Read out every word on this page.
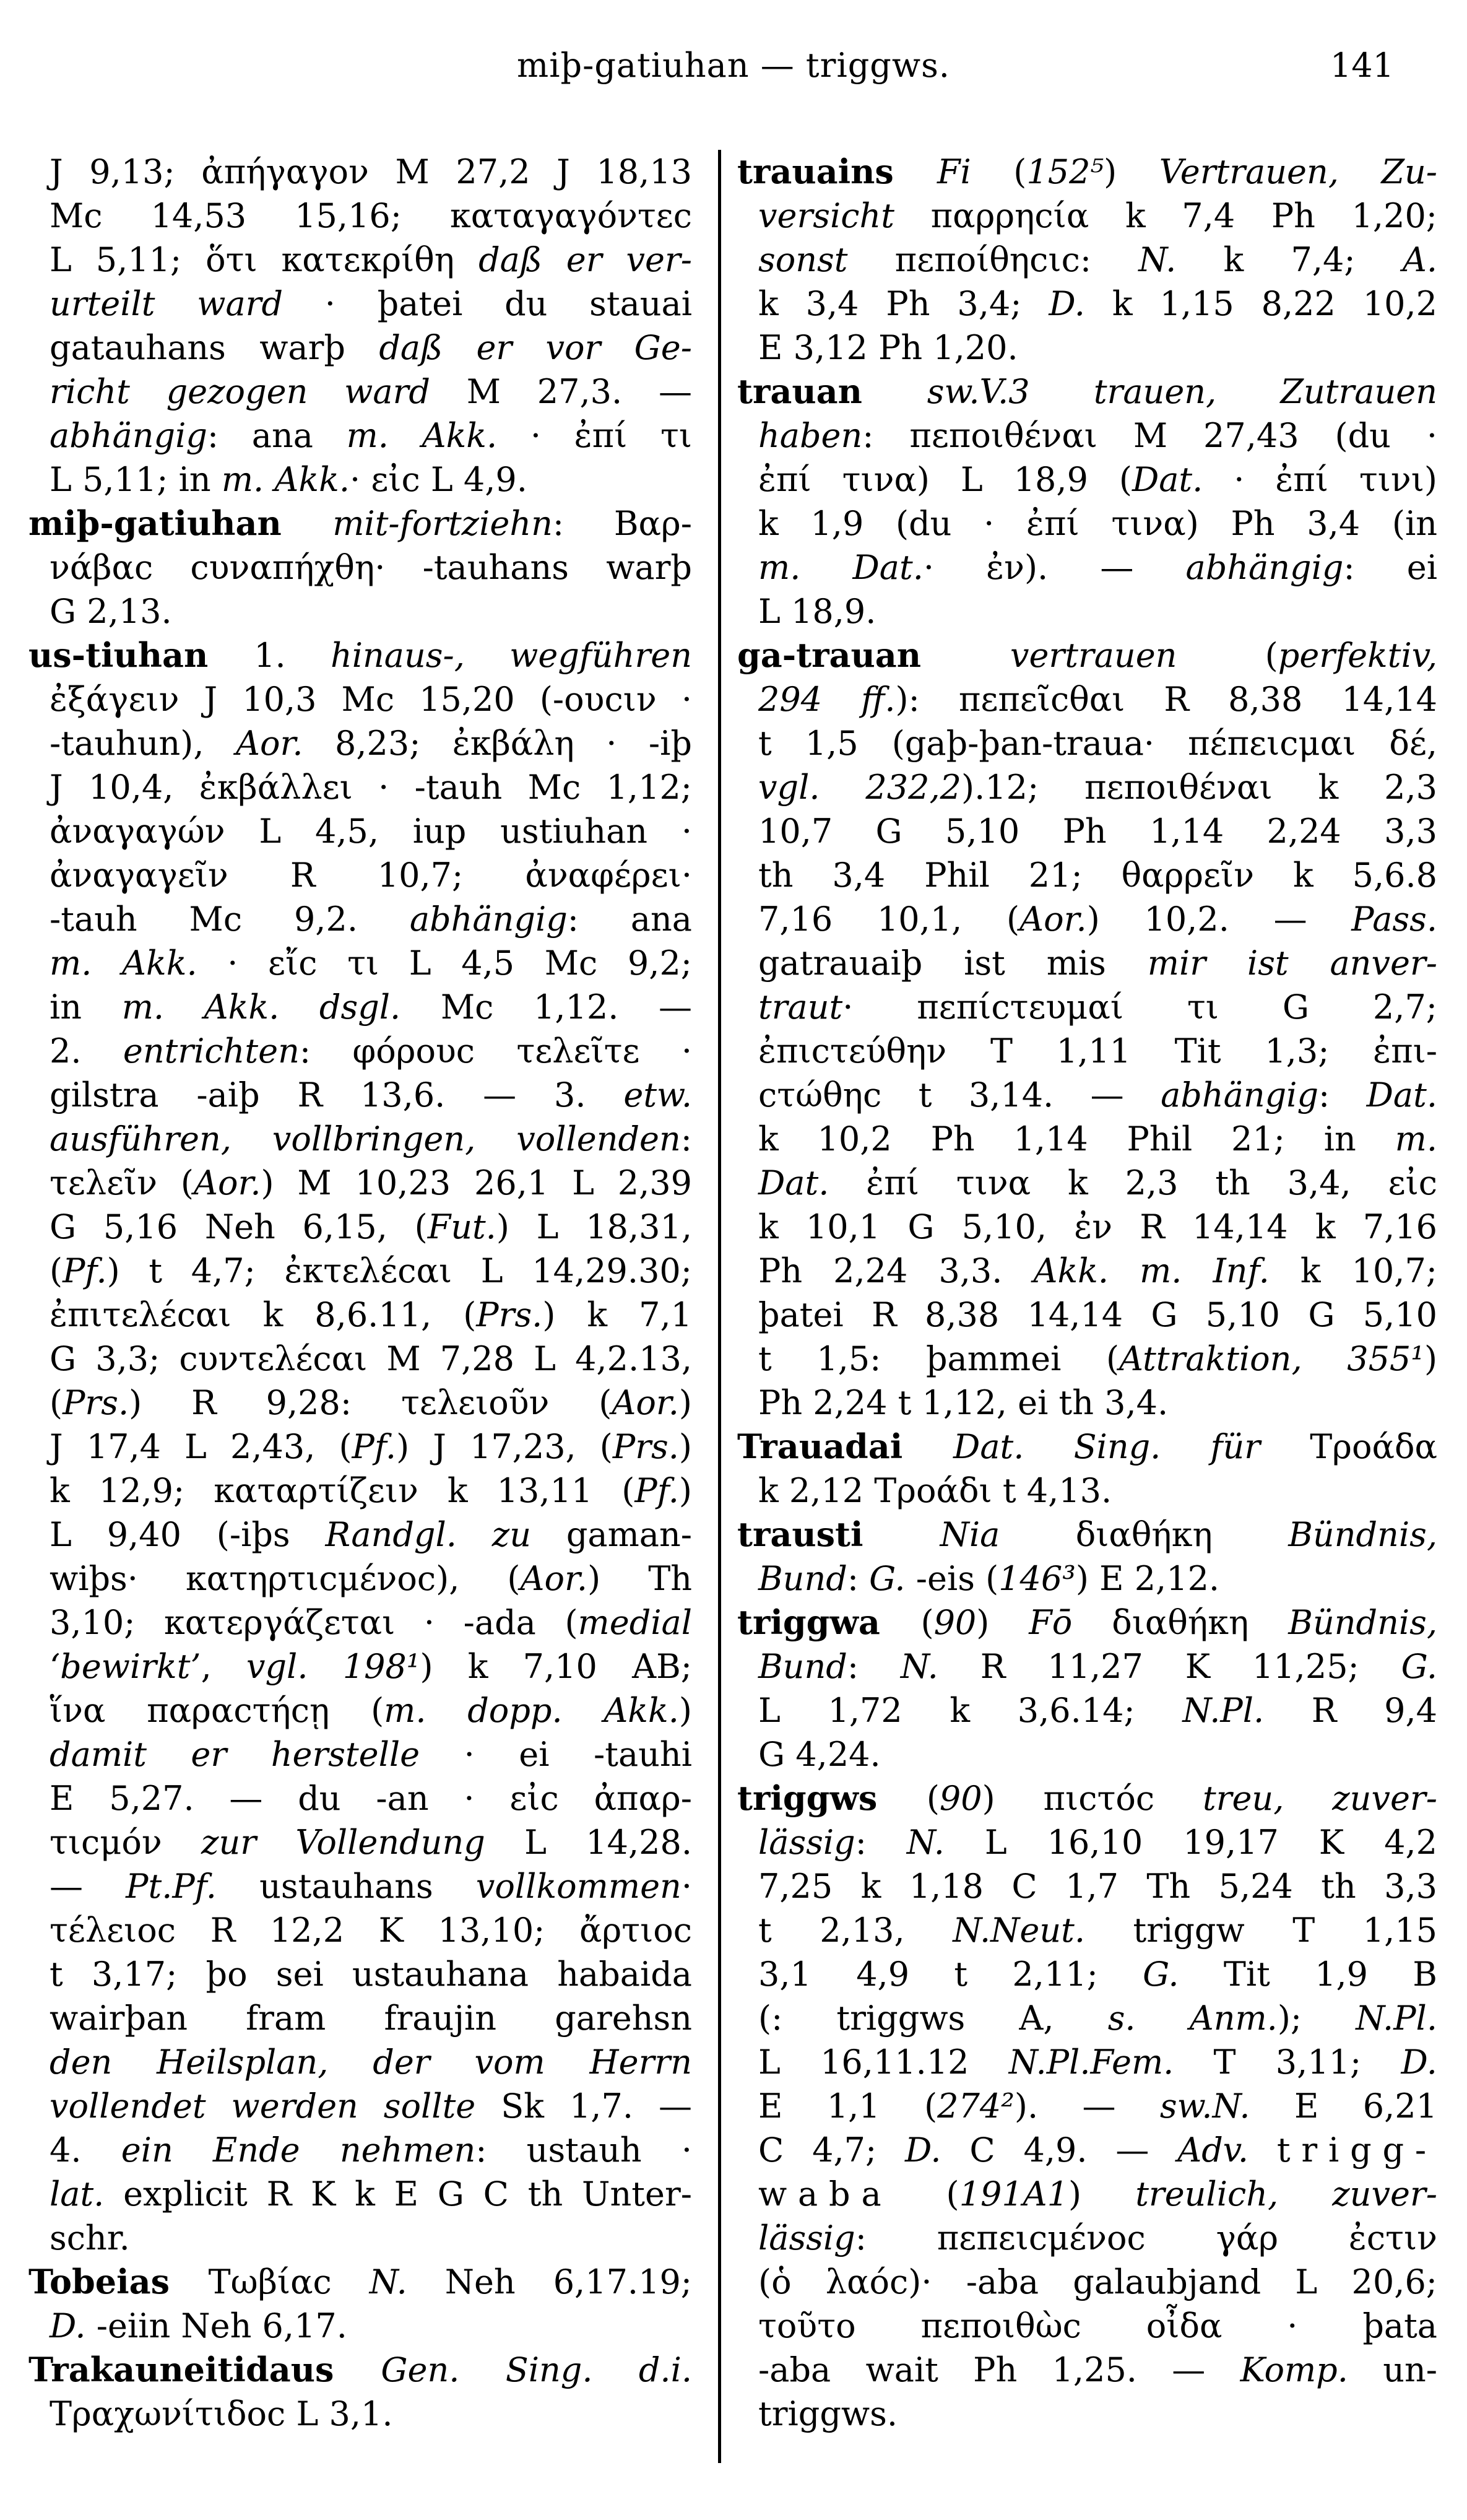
miþ-gatiuhan — triggws.	141
J 9,13; ἀπήγαγον M 27,2 J 18,13
Mc 14,53 15,16; καταγαγόντεc
L 5,11; ὅτι κατεκρίθη daß er ver-
urteilt ward · þatei du stauai
gatauhans warþ daß er vor Ge-
richt gezogen ward M 27,3. —
abhängig: ana m. Akk. · ἐπί τι
L 5,11; in m. Akk.· εἰc L 4,9.
miþ-gatiuhan mit-fortziehn: Βαρ-
νάβαc cυναπήχθη· -tauhans warþ
G 2,13.
us-tiuhan 1. hinaus-, wegführen
ἐξάγειν J 10,3 Mc 15,20 (-ουcιν ·
-tauhun), Aor. 8,23; ἐκβάλη · -iþ
J 10,4, ἐκβάλλει · -tauh Mc 1,12;
ἀναγαγών L 4,5, iup ustiuhan ·
ἀναγαγεῖν R 10,7; ἀναφέρει·
-tauh Mc 9,2. abhängig: ana
m. Akk. · εἴc τι L 4,5 Mc 9,2;
in m. Akk. dsgl. Mc 1,12. —
2. entrichten: φόρουc τελεῖτε ·
gilstra -aiþ R 13,6. — 3. etw.
ausführen, vollbringen, vollenden:
τελεῖν (Aor.) M 10,23 26,1 L 2,39
G 5,16 Neh 6,15, (Fut.) L 18,31,
(Pf.) t 4,7; ἐκτελέcαι L 14,29.30;
ἐπιτελέcαι k 8,6.11, (Prs.) k 7,1
G 3,3; cυντελέcαι M 7,28 L 4,2.13,
(Prs.) R 9,28: τελειοῦν (Aor.)
J 17,4 L 2,43, (Pf.) J 17,23, (Prs.)
k 12,9; καταρτίζειν k 13,11 (Pf.)
L 9,40 (-iþs Randgl. zu gaman-
wiþs· κατηρτιcμένοc), (Aor.) Th
3,10; κατεργάζεται · -ada (medial
‘bewirkt’, vgl. 198¹) k 7,10 AB;
ἵνα παραcτήcῃ (m. dopp. Akk.)
damit er herstelle · ei -tauhi
E 5,27. — du -an · εἰc ἀπαρ-
τιcμόν zur Vollendung L 14,28.
— Pt.Pf. ustauhans vollkommen·
τέλειοc R 12,2 K 13,10; ἄρτιοc
t 3,17; þo sei ustauhana habaida
wairþan fram fraujin garehsn
den Heilsplan, der vom Herrn
vollendet werden sollte Sk 1,7. —
4. ein Ende nehmen: ustauh ·
lat. explicit R K k E G C th Unter-
schr.
Tobeias Τωβίαc N. Neh 6,17.19;
D. -eiin Neh 6,17.
Trakauneitidaus Gen. Sing. d.i.
Τραχωνίτιδοc L 3,1.
trauains Fi (152⁵) Vertrauen, Zu-
versicht παρρηcία k 7,4 Ph 1,20;
sonst πεποίθηcιc: N. k 7,4; A.
k 3,4 Ph 3,4; D. k 1,15 8,22 10,2
E 3,12 Ph 1,20.
trauan sw.V.3 trauen, Zutrauen
haben: πεποιθέναι M 27,43 (du ·
ἐπί τινα) L 18,9 (Dat. · ἐπί τινι)
k 1,9 (du · ἐπί τινα) Ph 3,4 (in
m. Dat.· ἐν). — abhängig: ei
L 18,9.
ga-trauan vertrauen (perfektiv,
294 ff.): πεπεῖcθαι R 8,38 14,14
t 1,5 (gaþ-þan-traua· πέπειcμαι δέ,
vgl. 232,2).12; πεποιθέναι k 2,3
10,7 G 5,10 Ph 1,14 2,24 3,3
th 3,4 Phil 21; θαρρεῖν k 5,6.8
7,16 10,1, (Aor.) 10,2. — Pass.
gatrauaiþ ist mis mir ist anver-
traut· πεπίcτευμαί τι G 2,7;
ἐπιcτεύθην T 1,11 Tit 1,3; ἐπι-
cτώθηc t 3,14. — abhängig: Dat.
k 10,2 Ph 1,14 Phil 21; in m.
Dat. ἐπί τινα k 2,3 th 3,4, εἰc
k 10,1 G 5,10, ἐν R 14,14 k 7,16
Ph 2,24 3,3. Akk. m. Inf. k 10,7;
þatei R 8,38 14,14 G 5,10 G 5,10
t 1,5: þammei (Attraktion, 355¹)
Ph 2,24 t 1,12, ei th 3,4.
Trauadai Dat. Sing. für Τροάδα
k 2,12 Τροάδι t 4,13.
trausti Nia διαθήκη Bündnis,
Bund: G. -eis (146³) E 2,12.
triggwa (90) Fō διαθήκη Bündnis,
Bund: N. R 11,27 K 11,25; G.
L 1,72 k 3,6.14; N.Pl. R 9,4
G 4,24.
triggws (90) πιcτόc treu, zuver-
lässig: N. L 16,10 19,17 K 4,2
7,25 k 1,18 C 1,7 Th 5,24 th 3,3
t 2,13, N.Neut. triggw T 1,15
3,1 4,9 t 2,11; G. Tit 1,9 B
(: triggws A, s. Anm.); N.Pl.
L 16,11.12 N.Pl.Fem. T 3,11; D.
E 1,1 (274²). — sw.N. E 6,21
C 4,7; D. C 4,9. — Adv. trigg-
waba (191A1) treulich, zuver-
lässig: πεπειcμένοc γάρ ἐcτιν
(ὁ λαόc)· -aba galaubjand L 20,6;
τοῦτο πεποιθὼc οἶδα · þata
-aba wait Ph 1,25. — Komp. un-
triggws.
